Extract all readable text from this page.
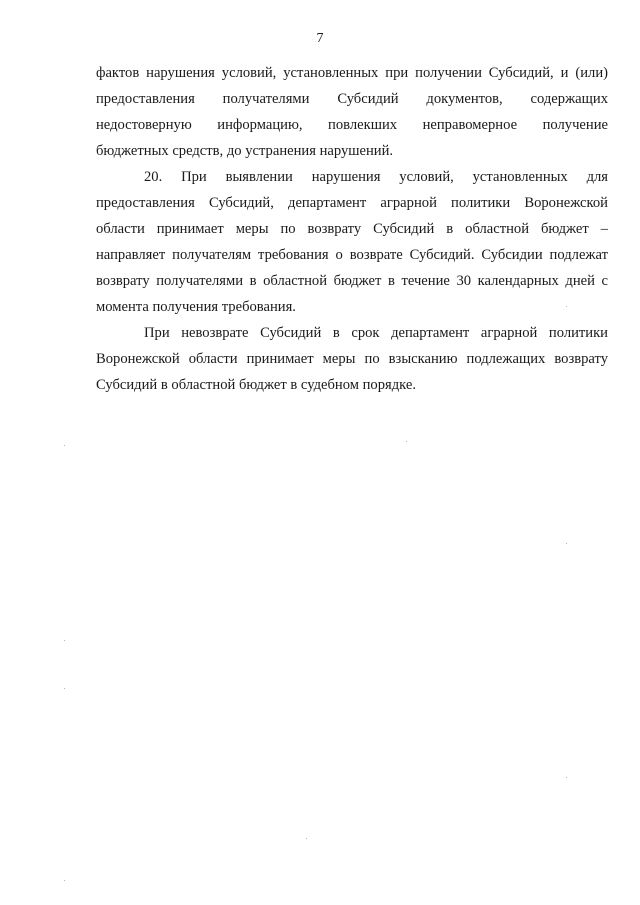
7
фактов нарушения условий, установленных при получении Субсидий, и (или)
предоставления получателями Субсидий документов, содержащих
недостоверную информацию, повлекших неправомерное получение
бюджетных средств, до устранения нарушений.
20. При выявлении нарушения условий, установленных для
предоставления Субсидий, департамент аграрной политики Воронежской
области принимает меры по возврату Субсидий в областной бюджет –
направляет получателям требования о возврате Субсидий. Субсидии подлежат
возврату получателями в областной бюджет в течение 30 календарных дней с
момента получения требования.
При невозврате Субсидий в срок департамент аграрной политики
Воронежской области принимает меры по взысканию подлежащих возврату
Субсидий в областной бюджет в судебном порядке.
